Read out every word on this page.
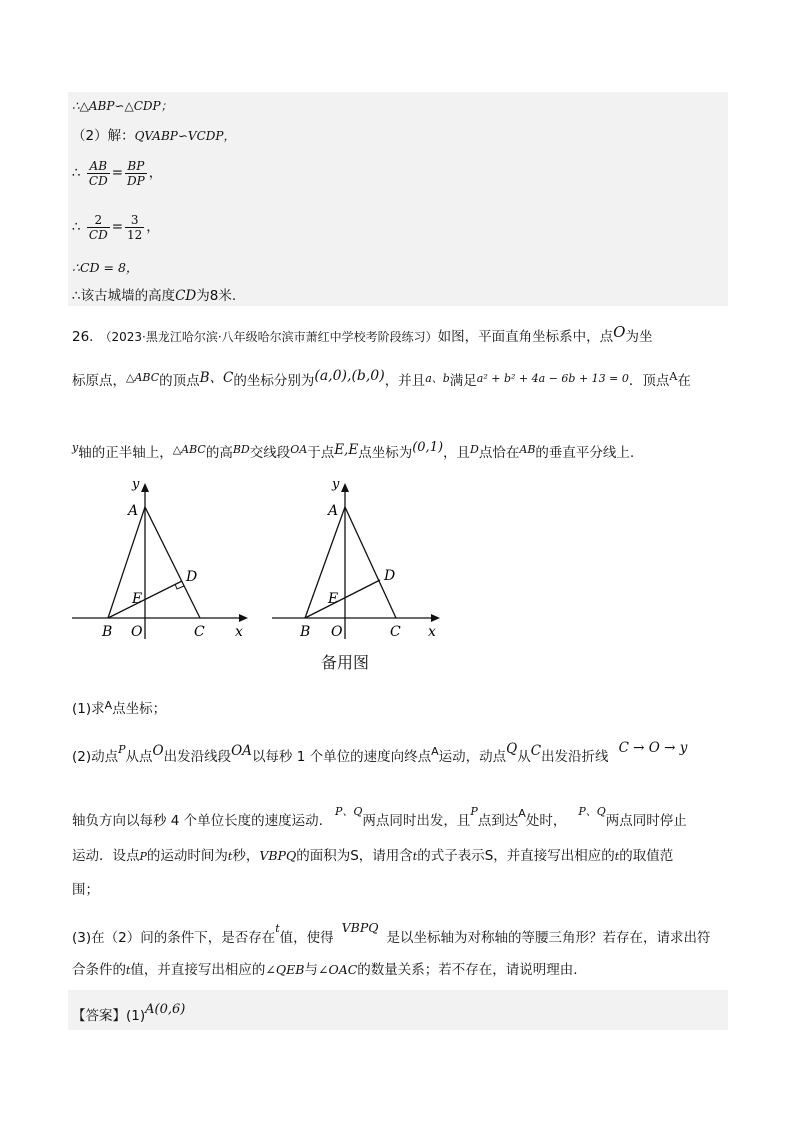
∴△ABP∽△CDP；
（2）解：QVABP∽VCDP，
∴ $\frac{AB}{CD} = \frac{BP}{DP}$ ，
∴ $\frac{2}{CD} = \frac{3}{12}$ ，
∴CD = 8，
∴该古城墙的高度CD为8米.
26. （2023·黑龙江哈尔滨·八年级哈尔滨市萧红中学校考阶段练习）如图，平面直角坐标系中，点O为坐
标原点，$^{\triangle ABC}$的顶点B、C的坐标分别为(a,0),(b,0)，并且$^{a、b}$满足$^{a^2 + b^2 + 4a - 6b + 13 = 0}$．顶点$^A$在
$^y$轴的正半轴上，$^{\triangle ABC}$的高$^{BD}$交线段$^{OA}$于点E,E点坐标为(0,1)，且$^D$点恰在$^{AB}$的垂直平分线上.
y
A
D
E
B O	C x
y
A
D
E
B O	C x
备用图
(1)求$^A$点坐标；
(2)动点$^P$从点O出发沿线段OA以每秒 1 个单位的速度向终点$^A$运动，动点Q从C出发沿折线C → O → y
轴负方向以每秒 4 个单位长度的速度运动.$^{P、Q}$两点同时出发，且$^P$点到达$^A$处时，$^{P、Q}$两点同时停止
运动．设点P的运动时间为t秒，VBPQ的面积为S，请用含t的式子表示S，并直接写出相应的t的取值范
围；
(3)在（2）问的条件下，是否存在$^t$值，使得VBPQ是以坐标轴为对称轴的等腰三角形？若存在，请求出符
合条件的t值，并直接写出相应的∠QEB与∠OAC的数量关系；若不存在，请说明理由.
【答案】(1)A(0,6)
